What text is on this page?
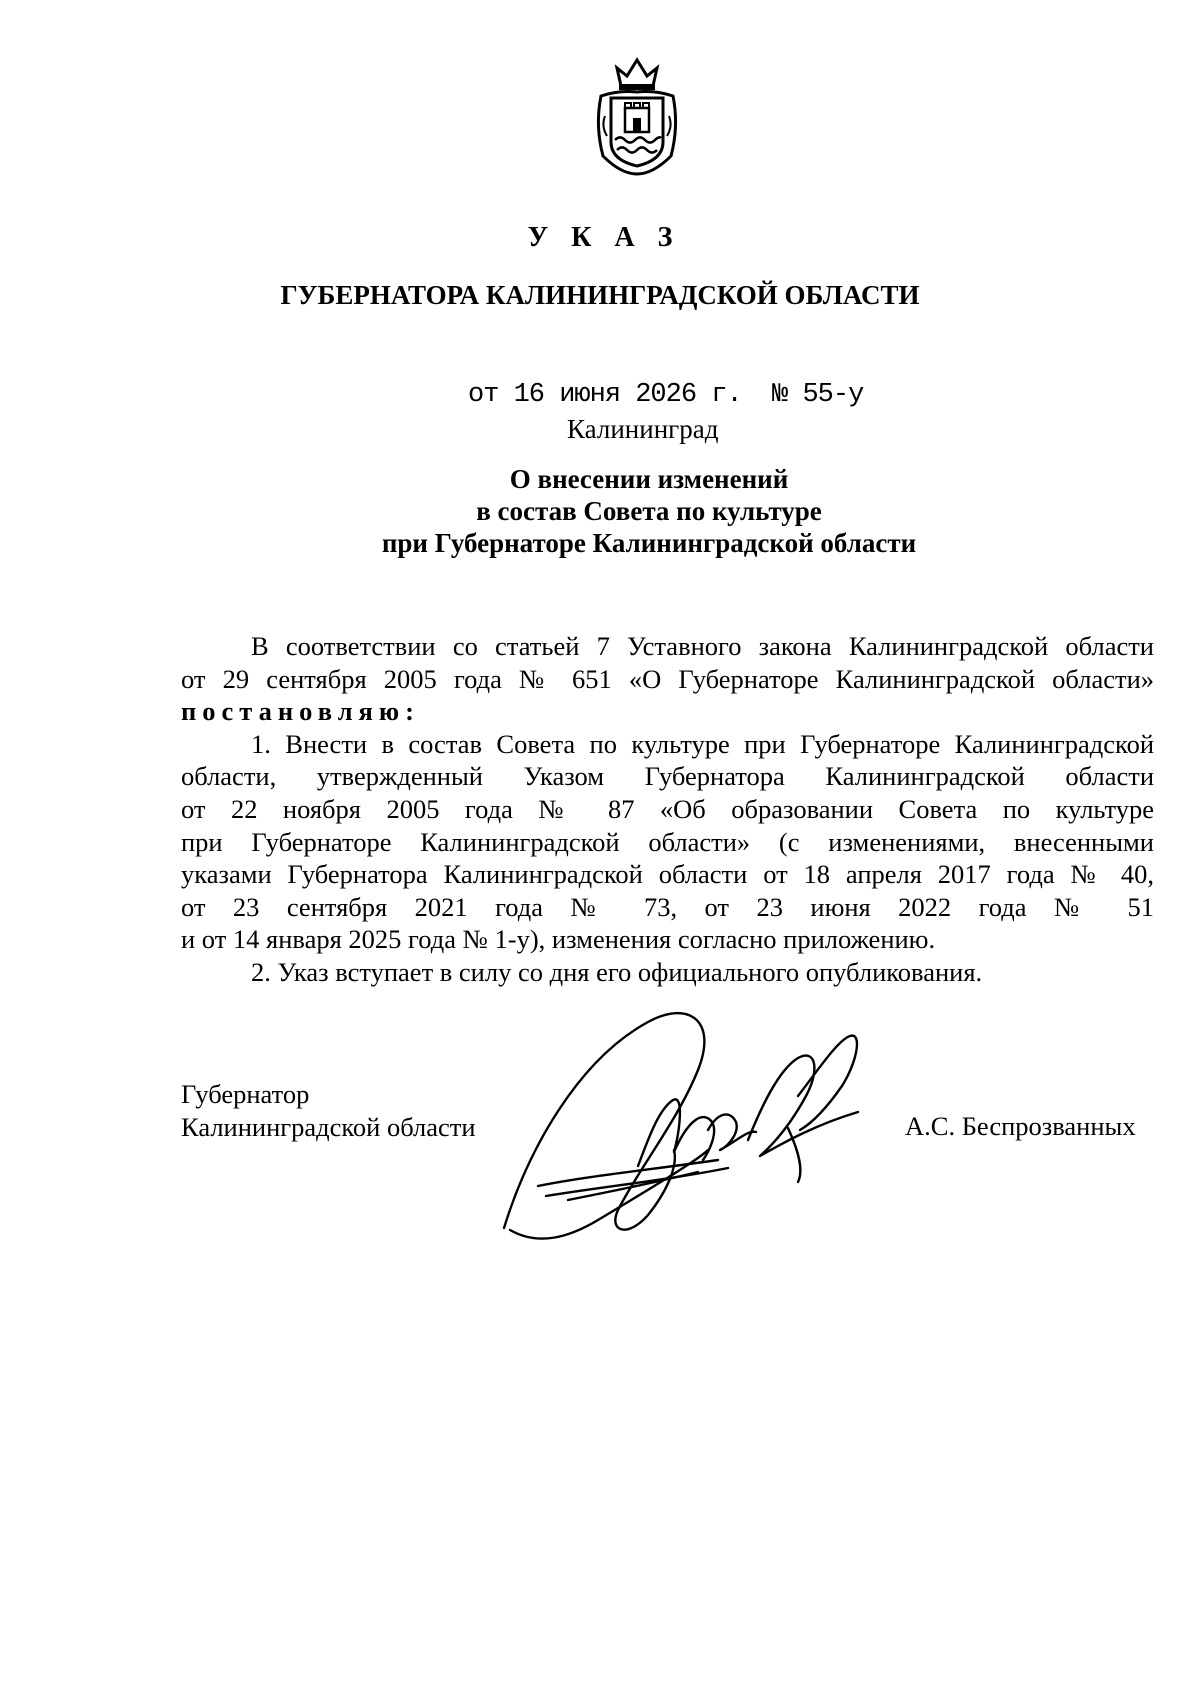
У К А З
ГУБЕРНАТОРА КАЛИНИНГРАДСКОЙ ОБЛАСТИ
от 16 июня 2026 г.  № 55-у
Калининград
О внесении изменений
в состав Совета по культуре
при Губернаторе Калининградской области

В соответствии со статьей 7 Уставного закона Калининградской области

от 29 сентября 2005 года № 651 «О Губернаторе Калининградской области»

постановляю:

1. Внести в состав Совета по культуре при Губернаторе Калининградской

области, утвержденный Указом Губернатора Калининградской области

от 22 ноября 2005 года № 87 «Об образовании Совета по культуре

при Губернаторе Калининградской области» (с изменениями, внесенными

указами Губернатора Калининградской области от 18 апреля 2017 года № 40,

от 23 сентября 2021 года № 73, от 23 июня 2022 года № 51

и от 14 января 2025 года № 1-у), изменения согласно приложению.

2. Указ вступает в силу со дня его официального опубликования.

Губернатор
Калининградской области	А.С. Беспрозванных
